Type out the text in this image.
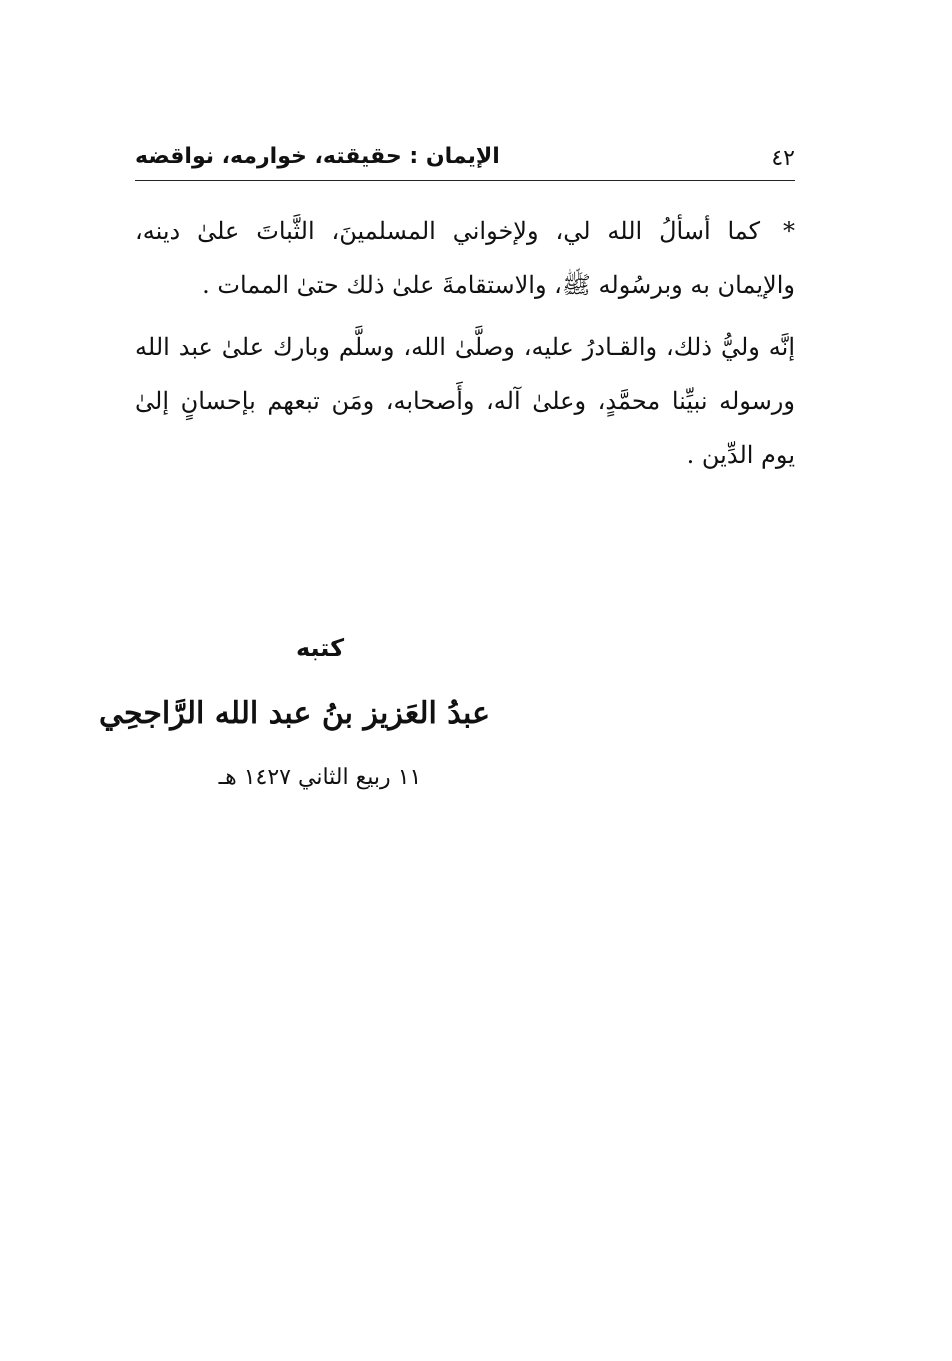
٤٢
الإيمان : حقيقته، خوارمه، نواقضه

* كما أسألُ الله لي، ولإخواني المسلمينَ، الثَّباتَ علىٰ دينه، والإيمان به وبرسُوله ﷺ، والاستقامةَ علىٰ ذلك حتىٰ الممات .

إنَّه وليُّ ذلك، والقـادرُ عليه، وصلَّىٰ الله، وسلَّم وبارك علىٰ عبد الله ورسوله نبيِّنا محمَّدٍ، وعلىٰ آله، وأَصحابه، ومَن تبعهم بإحسانٍ إلىٰ يوم الدِّين .

كتبه
عبدُ العَزيز بنُ عبد الله الرَّاجحِي
١١ ربيع الثاني ١٤٢٧ هـ
